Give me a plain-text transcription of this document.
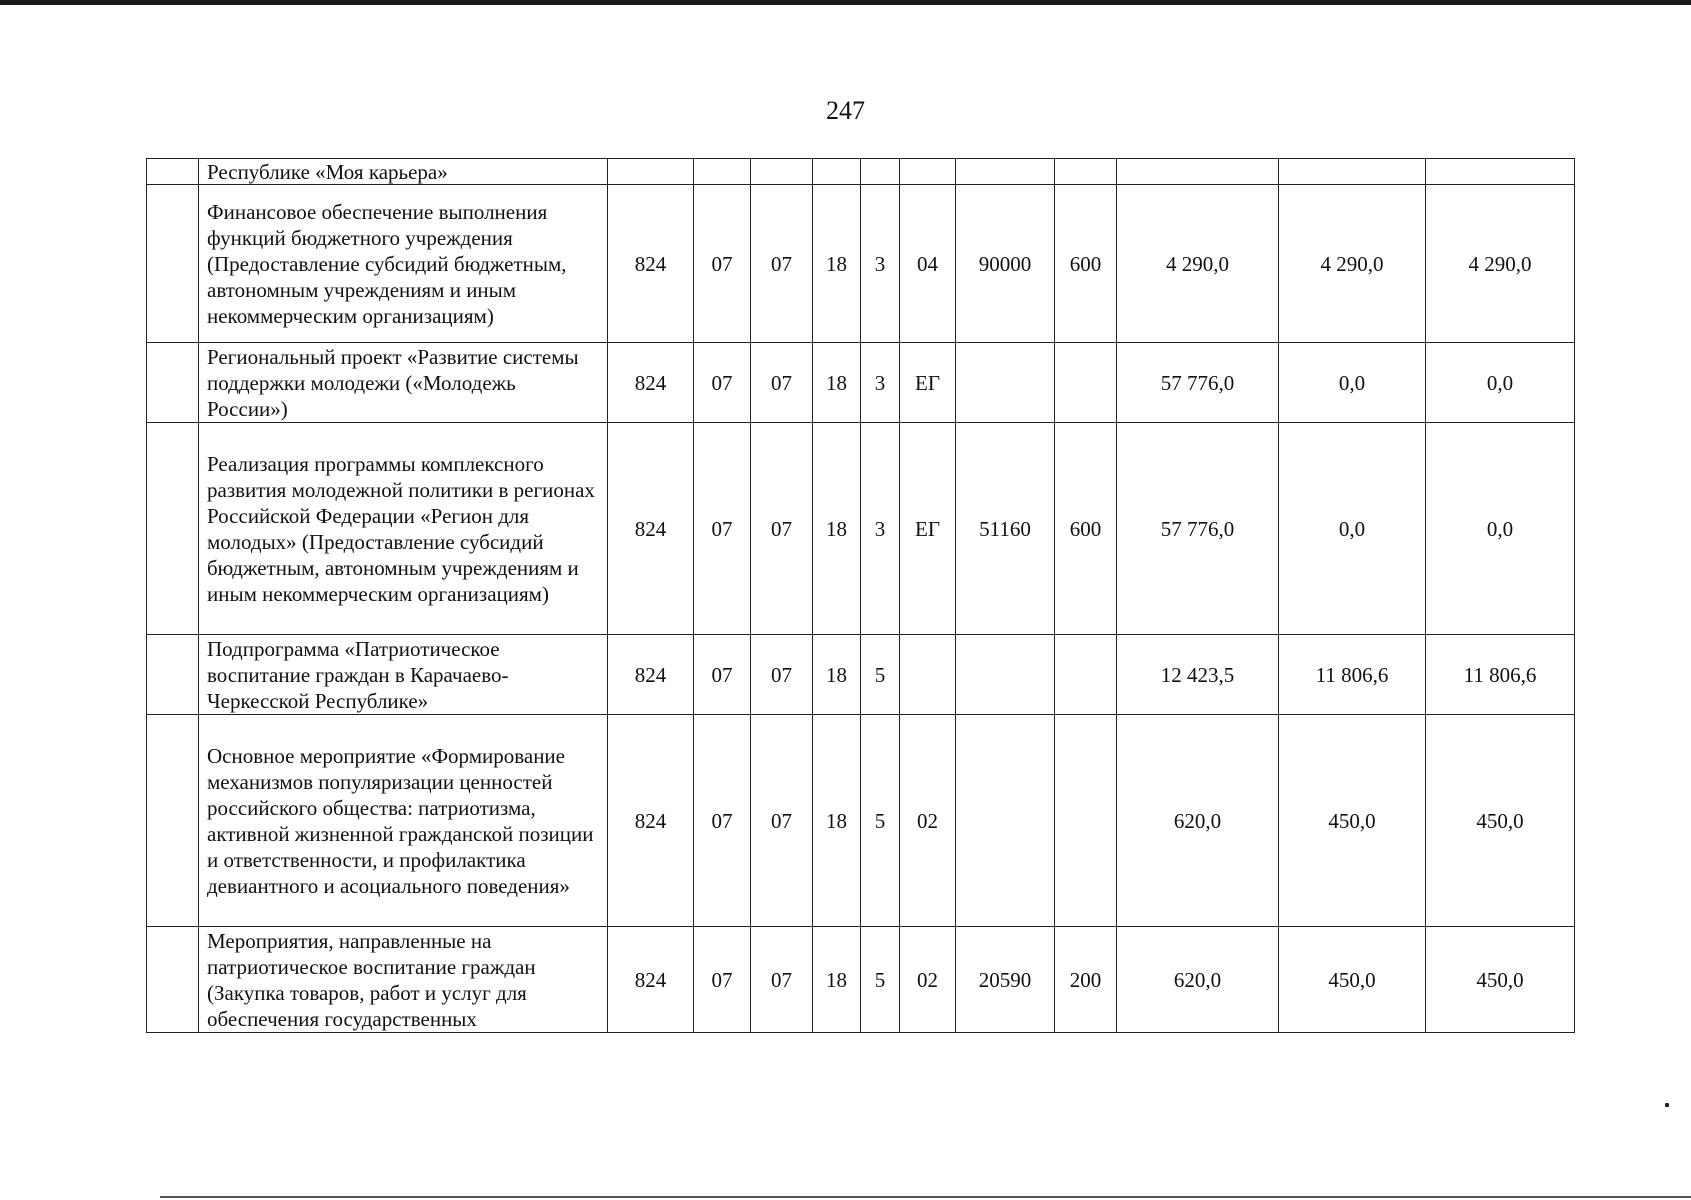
247
	Республике «Моя карьера»											
	Финансовое обеспечение выполнения функций бюджетного учреждения (Предоставление субсидий бюджетным, автономным учреждениям и иным некоммерческим организациям)	824	07	07	18	3	04	90000	600	4 290,0	4 290,0	4 290,0
	Региональный проект «Развитие системы поддержки молодежи («Молодежь России»)	824	07	07	18	3	ЕГ			57 776,0	0,0	0,0
	Реализация программы комплексного развития молодежной политики в регионах Российской Федерации «Регион для молодых» (Предоставление субсидий бюджетным, автономным учреждениям и иным некоммерческим организациям)	824	07	07	18	3	ЕГ	51160	600	57 776,0	0,0	0,0
	Подпрограмма «Патриотическое воспитание граждан в Карачаево-Черкесской Республике»	824	07	07	18	5				12 423,5	11 806,6	11 806,6
	Основное мероприятие «Формирование механизмов популяризации ценностей российского общества: патриотизма, активной жизненной гражданской позиции и ответственности, и профилактика девиантного и асоциального поведения»	824	07	07	18	5	02			620,0	450,0	450,0
	Мероприятия, направленные на патриотическое воспитание граждан (Закупка товаров, работ и услуг для обеспечения государственных	824	07	07	18	5	02	20590	200	620,0	450,0	450,0
